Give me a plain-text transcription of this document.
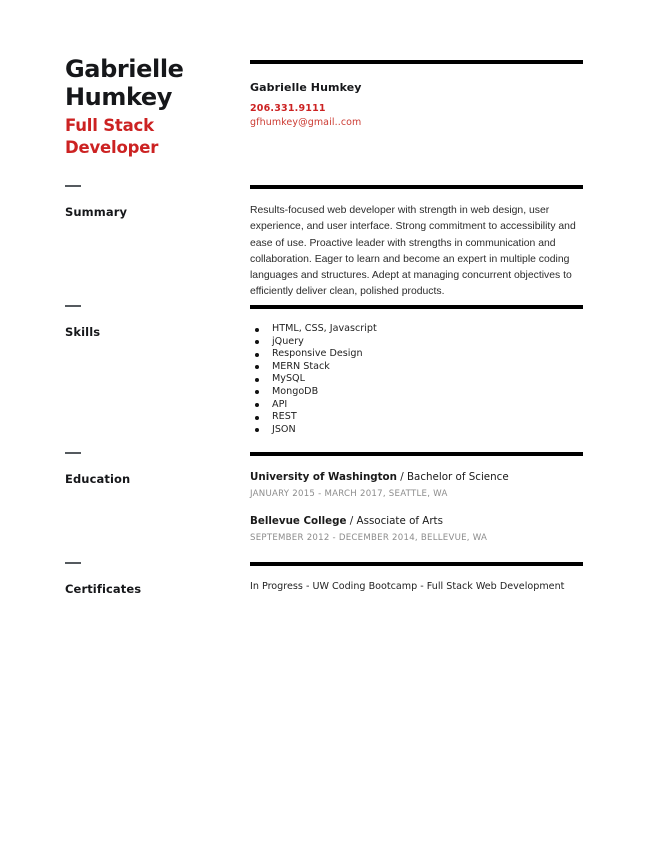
Gabrielle
Humkey
Full Stack Developer
Gabrielle Humkey
206.331.9111
gfhumkey@gmail..com
Summary	Results-focused web developer with strength in web design, user experience, and user interface. Strong commitment to accessibility and ease of use. Proactive leader with strengths in communication and collaboration. Eager to learn and become an expert in multiple coding languages and structures. Adept at managing concurrent objectives to efficiently deliver clean, polished products.
Skills	HTML, CSS, Javascript
jQuery
Responsive Design
MERN Stack
MySQL
MongoDB
API
REST
JSON
Education	University of Washington / Bachelor of Science
JANUARY 2015 - MARCH 2017, SEATTLE, WA
Bellevue College / Associate of Arts
SEPTEMBER 2012 - DECEMBER 2014, BELLEVUE, WA
Certificates	In Progress - UW Coding Bootcamp - Full Stack Web Development
